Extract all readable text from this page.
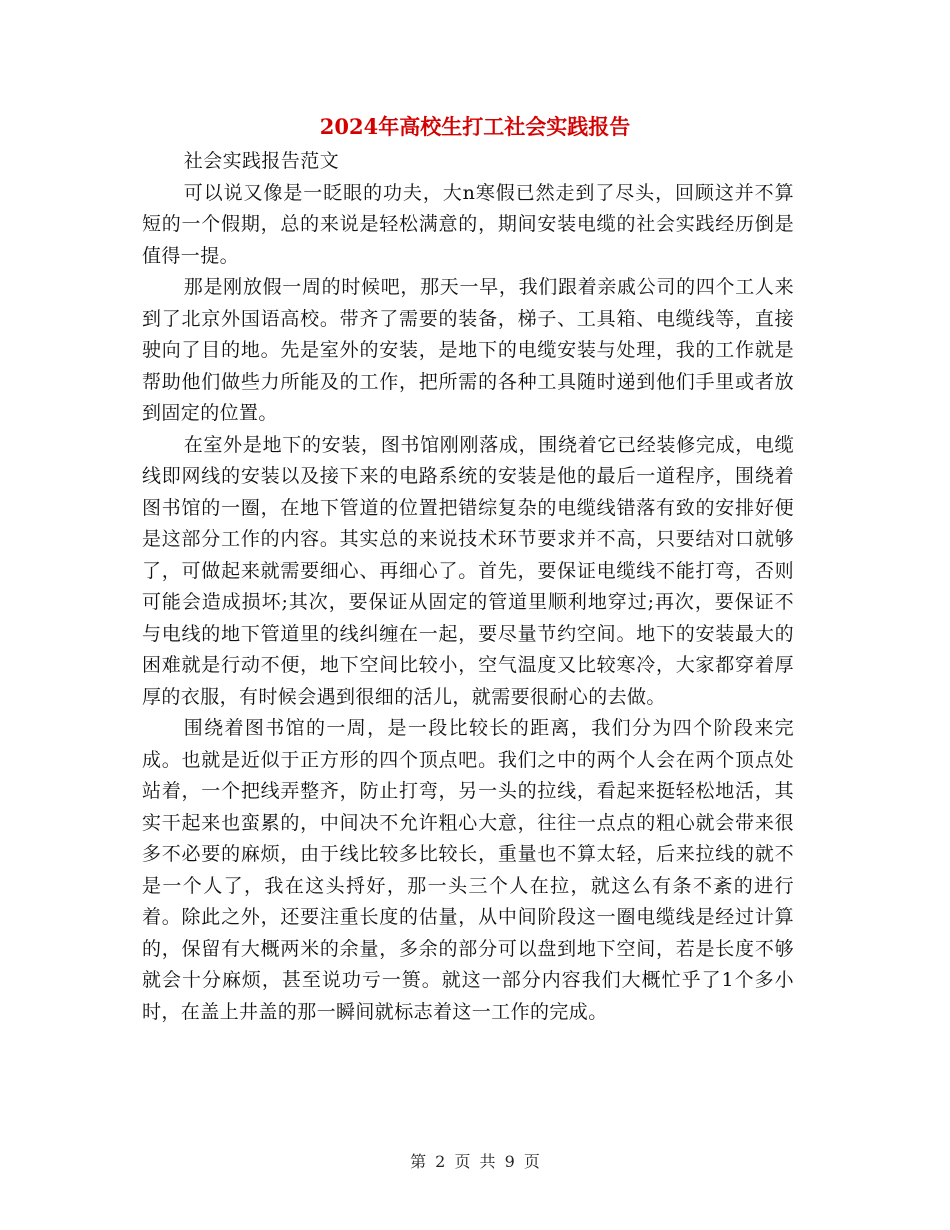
2024年高校生打工社会实践报告

社会实践报告范文

可以说又像是一眨眼的功夫，大n寒假已然走到了尽头，回顾这并不算短的一个假期，总的来说是轻松满意的，期间安装电缆的社会实践经历倒是值得一提。

那是刚放假一周的时候吧，那天一早，我们跟着亲戚公司的四个工人来到了北京外国语高校。带齐了需要的装备，梯子、工具箱、电缆线等，直接驶向了目的地。先是室外的安装，是地下的电缆安装与处理，我的工作就是帮助他们做些力所能及的工作，把所需的各种工具随时递到他们手里或者放到固定的位置。

在室外是地下的安装，图书馆刚刚落成，围绕着它已经装修完成，电缆线即网线的安装以及接下来的电路系统的安装是他的最后一道程序，围绕着图书馆的一圈，在地下管道的位置把错综复杂的电缆线错落有致的安排好便是这部分工作的内容。其实总的来说技术环节要求并不高，只要结对口就够了，可做起来就需要细心、再细心了。首先，要保证电缆线不能打弯，否则可能会造成损坏;其次，要保证从固定的管道里顺利地穿过;再次，要保证不与电线的地下管道里的线纠缠在一起，要尽量节约空间。地下的安装最大的困难就是行动不便，地下空间比较小，空气温度又比较寒冷，大家都穿着厚厚的衣服，有时候会遇到很细的活儿，就需要很耐心的去做。

围绕着图书馆的一周，是一段比较长的距离，我们分为四个阶段来完成。也就是近似于正方形的四个顶点吧。我们之中的两个人会在两个顶点处站着，一个把线弄整齐，防止打弯，另一头的拉线，看起来挺轻松地活，其实干起来也蛮累的，中间决不允许粗心大意，往往一点点的粗心就会带来很多不必要的麻烦，由于线比较多比较长，重量也不算太轻，后来拉线的就不是一个人了，我在这头捋好，那一头三个人在拉，就这么有条不紊的进行着。除此之外，还要注重长度的估量，从中间阶段这一圈电缆线是经过计算的，保留有大概两米的余量，多余的部分可以盘到地下空间，若是长度不够就会十分麻烦，甚至说功亏一篑。就这一部分内容我们大概忙乎了1个多小时，在盖上井盖的那一瞬间就标志着这一工作的完成。

第 2 页 共 9 页
